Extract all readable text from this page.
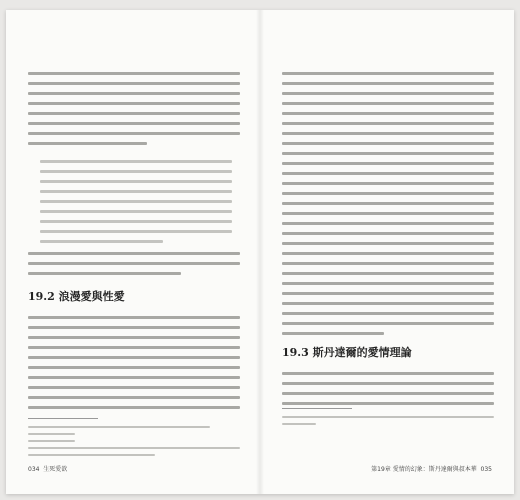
19.2 浪漫愛與性愛
034 生死愛欲
19.3 斯丹達爾的愛情理論
第19章 愛情的幻象：斯丹達爾與叔本華 035
